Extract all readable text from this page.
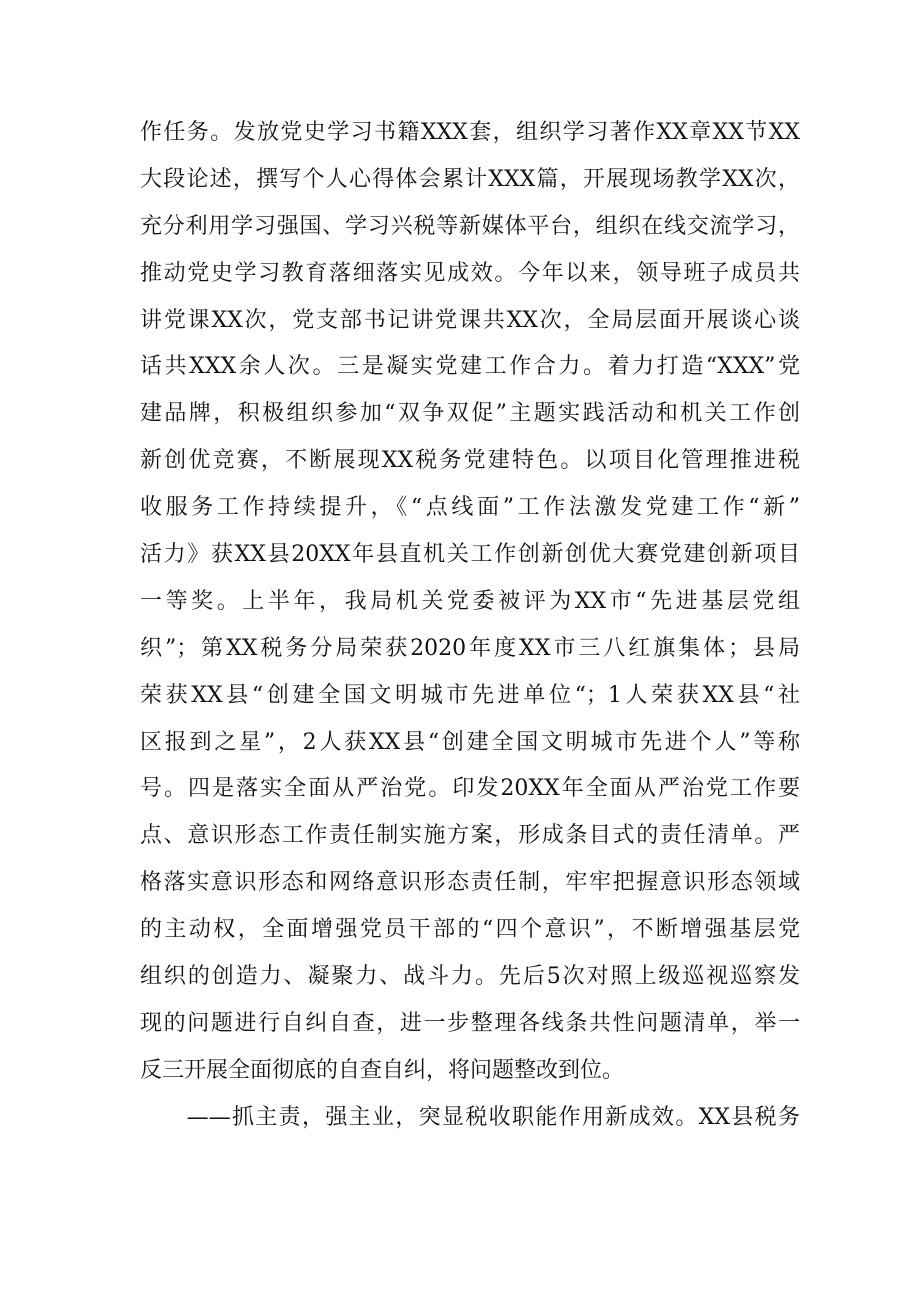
作任务。发放党史学习书籍XXX套，组织学习著作XX章XX节XX
大段论述，撰写个人心得体会累计XXX篇，开展现场教学XX次，
充分利用学习强国、学习兴税等新媒体平台，组织在线交流学习，
推动党史学习教育落细落实见成效。今年以来，领导班子成员共
讲党课XX次，党支部书记讲党课共XX次，全局层面开展谈心谈
话共XXX余人次。三是凝实党建工作合力。着力打造“XXX”党
建品牌，积极组织参加“双争双促”主题实践活动和机关工作创
新创优竞赛，不断展现XX税务党建特色。以项目化管理推进税
收服务工作持续提升，《“点线面”工作法激发党建工作“新”
活力》获XX县20XX年县直机关工作创新创优大赛党建创新项目
一等奖。上半年，我局机关党委被评为XX市“先进基层党组
织”；第XX税务分局荣获2020年度XX市三八红旗集体；县局
荣获XX县“创建全国文明城市先进单位“；1人荣获XX县“社
区报到之星”，2人获XX县“创建全国文明城市先进个人”等称
号。四是落实全面从严治党。印发20XX年全面从严治党工作要
点、意识形态工作责任制实施方案，形成条目式的责任清单。严
格落实意识形态和网络意识形态责任制，牢牢把握意识形态领域
的主动权，全面增强党员干部的“四个意识”，不断增强基层党
组织的创造力、凝聚力、战斗力。先后5次对照上级巡视巡察发
现的问题进行自纠自查，进一步整理各线条共性问题清单，举一
反三开展全面彻底的自查自纠，将问题整改到位。
　　——抓主责，强主业，突显税收职能作用新成效。XX县税务
